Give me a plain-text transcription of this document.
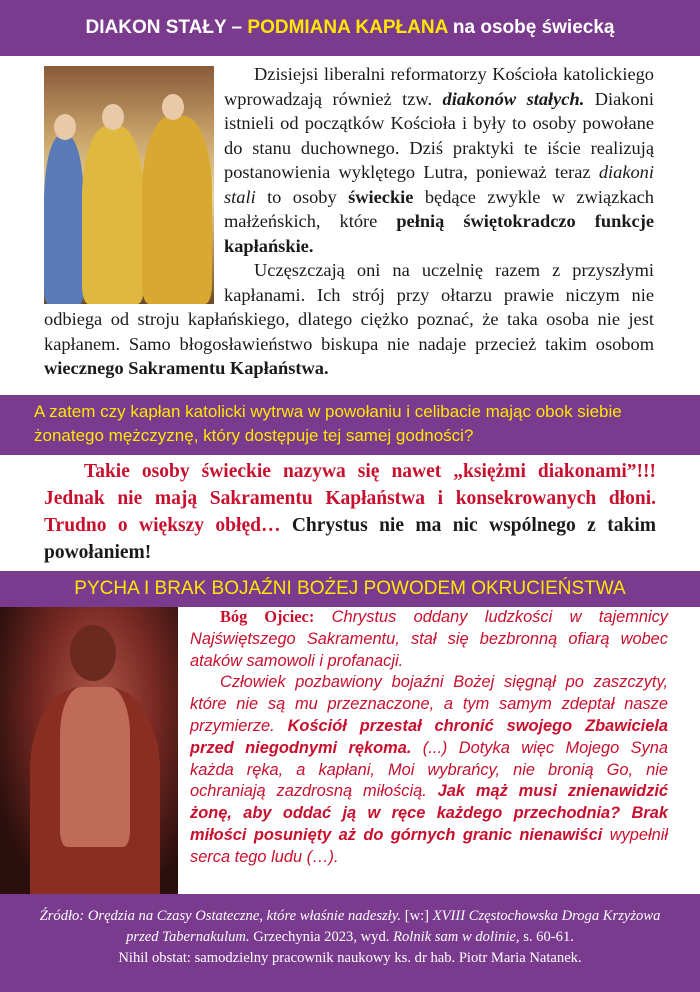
DIAKON STAŁY – PODMIANA KAPŁANA na osobę świecką

Dzisiejsi liberalni reformatorzy Kościoła katolickiego wprowadzają również tzw. diakonów stałych. Diakoni istnieli od początków Kościoła i były to osoby powołane do stanu duchownego. Dziś praktyki te iście realizują postanowienia wyklętego Lutra, ponieważ teraz diakoni stali to osoby świeckie będące zwykle w związkach małżeńskich, które pełnią świętokradczo funkcje kapłańskie.

Uczęszczają oni na uczelnię razem z przyszłymi kapłanami. Ich strój przy ołtarzu prawie niczym nie odbiega od stroju kapłańskiego, dlatego ciężko poznać, że taka osoba nie jest kapłanem. Samo błogosławieństwo biskupa nie nadaje przecież takim osobom wiecznego Sakramentu Kapłaństwa.

A zatem czy kapłan katolicki wytrwa w powołaniu i celibacie mając obok siebie żonatego mężczyznę, który dostępuje tej samej godności?

Takie osoby świeckie nazywa się nawet „księżmi diakonami”!!! Jednak nie mają Sakramentu Kapłaństwa i konsekrowanych dłoni. Trudno o większy obłęd… Chrystus nie ma nic wspólnego z takim powołaniem!

PYCHA I BRAK BOJAŹNI BOŻEJ POWODEM OKRUCIEŃSTWA

Bóg Ojciec: Chrystus oddany ludzkości w tajemnicy Najświętszego Sakramentu, stał się bezbronną ofiarą wobec ataków samowoli i profanacji.

Człowiek pozbawiony bojaźni Bożej sięgnął po zaszczyty, które nie są mu przeznaczone, a tym samym zdeptał nasze przymierze. Kościół przestał chronić swojego Zbawiciela przed niegodnymi rękoma. (...) Dotyka więc Mojego Syna każda ręka, a kapłani, Moi wybrańcy, nie bronią Go, nie ochraniają zazdrosną miłością. Jak mąż musi znienawidzić żonę, aby oddać ją w ręce każdego przechodnia? Brak miłości posunięty aż do górnych granic nienawiści wypełnił serca tego ludu (…).

Źródło: Orędzia na Czasy Ostateczne, które właśnie nadeszły. [w:] XVIII Częstochowska Droga Krzyżowa przed Tabernakulum. Grzechynia 2023, wyd. Rolnik sam w dolinie, s. 60-61.
Nihil obstat: samodzielny pracownik naukowy ks. dr hab. Piotr Maria Natanek.
